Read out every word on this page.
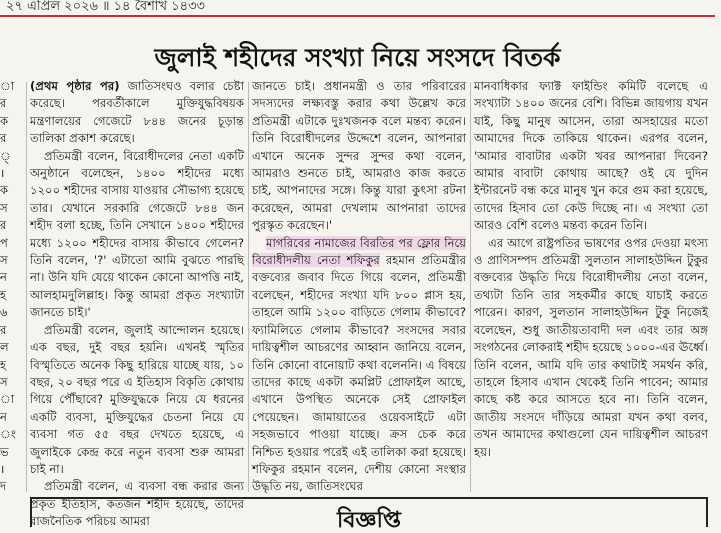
২৭ এপ্রিল ২০২৬ ॥ ১৪ বৈশাখ ১৪৩৩
জুলাই শহীদের সংখ্যা নিয়ে সংসদে বিতর্ক
া
র
ক
র
্
।
ক
স
র
প
স
ন
হ
৬
র
ল
হ
স
া
ন
ং
ভ
।
দ

(প্রথম পৃষ্ঠার পর) জাতিসংঘও বলার চেষ্টা করেছে। পরবর্তীকালে মুক্তিযুদ্ধবিষয়ক মন্ত্রণালয়ের গেজেটে ৮৪৪ জনের চূড়ান্ত তালিকা প্রকাশ করেছে।

প্রতিমন্ত্রী বলেন, বিরোধীদলের নেতা একটি অনুষ্ঠানে বলেছেন, ১৪০০ শহীদের মধ্যে ১২০০ শহীদের বাসায় যাওয়ার সৌভাগ্য হয়েছে তার। যেখানে সরকারি গেজেটে ৮৪৪ জন শহীদ বলা হচ্ছে, তিনি সেখানে ১৪০০ শহীদের মধ্যে ১২০০ শহীদের বাসায় কীভাবে গেলেন? তিনি বলেন, '?' এটাতো আমি বুঝতে পারছি না। উনি যদি যেয়ে থাকেন কোনো আপত্তি নাই, আলহামদুলিল্লাহ। কিন্তু আমরা প্রকৃত সংখ্যাটা জানতে চাই।'

প্রতিমন্ত্রী বলেন, জুলাই আন্দোলন হয়েছে। এক বছর, দুই বছর হয়নি। এখনই স্মৃতির বিস্মৃতিতে অনেক কিছু হারিয়ে যাচ্ছে যায়, ১০ বছর, ২০ বছর পরে এ ইতিহাস বিকৃতি কোথায় গিয়ে পৌঁছাবে? মুক্তিযুদ্ধকে নিয়ে যে ধরনের একটি ব্যবসা, মুক্তিযুদ্ধের চেতনা নিয়ে যে ব্যবসা গত ৫৫ বছর দেখতে হয়েছে, এ জুলাইকে কেন্দ্র করে নতুন ব্যবসা শুরু আমরা চাই না।

প্রতিমন্ত্রী বলেন, এ ব্যবসা বন্ধ করার জন্য প্রকৃত ইতিহাস, কতজন শহীদ হয়েছে, তাদের রাজনৈতিক পরিচয় আমরা

জানতে চাই। প্রধানমন্ত্রী ও তার পরিবারের সদস্যদের লক্ষ্যবস্তু করার কথা উল্লেখ করে প্রতিমন্ত্রী এটাকে দুঃখজনক বলে মন্তব্য করেন। তিনি বিরোধীদলের উদ্দেশে বলেন, আপনারা এখানে অনেক সুন্দর সুন্দর কথা বলেন, আমরাও শুনতে চাই, আমরাও কাজ করতে চাই, আপনাদের সঙ্গে। কিন্তু যারা কুৎসা রটনা করেছেন, আমরা দেখলাম আপনারা তাদের পুরস্কৃত করেছেন।'

মাগরিবের নামাজের বিরতির পর ফ্লোর নিয়ে বিরোধীদলীয় নেতা শফিকুর রহমান প্রতিমন্ত্রীর বক্তব্যের জবাব দিতে গিয়ে বলেন, প্রতিমন্ত্রী বলেছেন, শহীদের সংখ্যা যদি ৮০০ প্লাস হয়, তাহলে আমি ১২০০ বাড়িতে গেলাম কীভাবে? ফ্যামিলিতে গেলাম কীভাবে? সংসদের সবার দায়িত্বশীল আচরণের আহ্বান জানিয়ে বলেন, তিনি কোনো বানোয়াট কথা বলেননি। এ বিষয়ে তাদের কাছে একটা কমপ্লিট প্রোফাইল আছে, এখানে উপস্থিত অনেকে সেই প্রোফাইল পেয়েছেন। জামায়াতের ওয়েবসাইটে এটা সহজভাবে পাওয়া যাচ্ছে। ক্রস চেক করে নিশ্চিত হওয়ার পরেই এই তালিকা করা হয়েছে। শফিকুর রহমান বলেন, দেশীয় কোনো সংস্থার উদ্ধৃতি নয়, জাতিসংঘের

মানবাধিকার ফ্যাক্ট ফাইন্ডিং কমিটি বলেছে এ সংখ্যাটা ১৪০০ জনের বেশি। বিভিন্ন জায়গায় যখন যাই, কিছু মানুষ আসেন, তারা অসহায়ের মতো আমাদের দিকে তাকিয়ে থাকেন। এরপর বলেন, 'আমার বাবাটার একটা খবর আপনারা দিবেন? আমার বাবাটা কোথায় আছে? ওই যে দুদিন ইন্টারনেট বন্ধ করে মানুষ খুন করে গুম করা হয়েছে, তাদের হিসাব তো কেউ দিচ্ছে না। এ সংখ্যা তো আরও বেশি বলেও মন্তব্য করেন তিনি।

এর আগে রাষ্ট্রপতির ভাষণের ওপর দেওয়া মৎস্য ও প্রাণিসম্পদ প্রতিমন্ত্রী সুলতান সালাহউদ্দিন টুকুর বক্তব্যের উদ্ধৃতি দিয়ে বিরোধীদলীয় নেতা বলেন, তথ্যটা তিনি তার সহকর্মীর কাছে যাচাই করতে পারেন। কারণ, সুলতান সালাহউদ্দিন টুকু নিজেই বলেছেন, শুধু জাতীয়তাবাদী দল এবং তার অঙ্গ সংগঠনের লোকরাই শহীদ হয়েছে ১০০০-এর ঊর্ধ্বে। তিনি বলেন, আমি যদি তার কথাটাই সমর্থন করি, তাহলে হিসাব এখান থেকেই তিনি পাবেন; আমার কাছে কষ্ট করে আসতে হবে না। তিনি বলেন, জাতীয় সংসদে দাঁড়িয়ে আমরা যখন কথা বলব, তখন আমাদের কথাগুলো যেন দায়িত্বশীল আচরণ হয়।

বিজ্ঞপ্তি
